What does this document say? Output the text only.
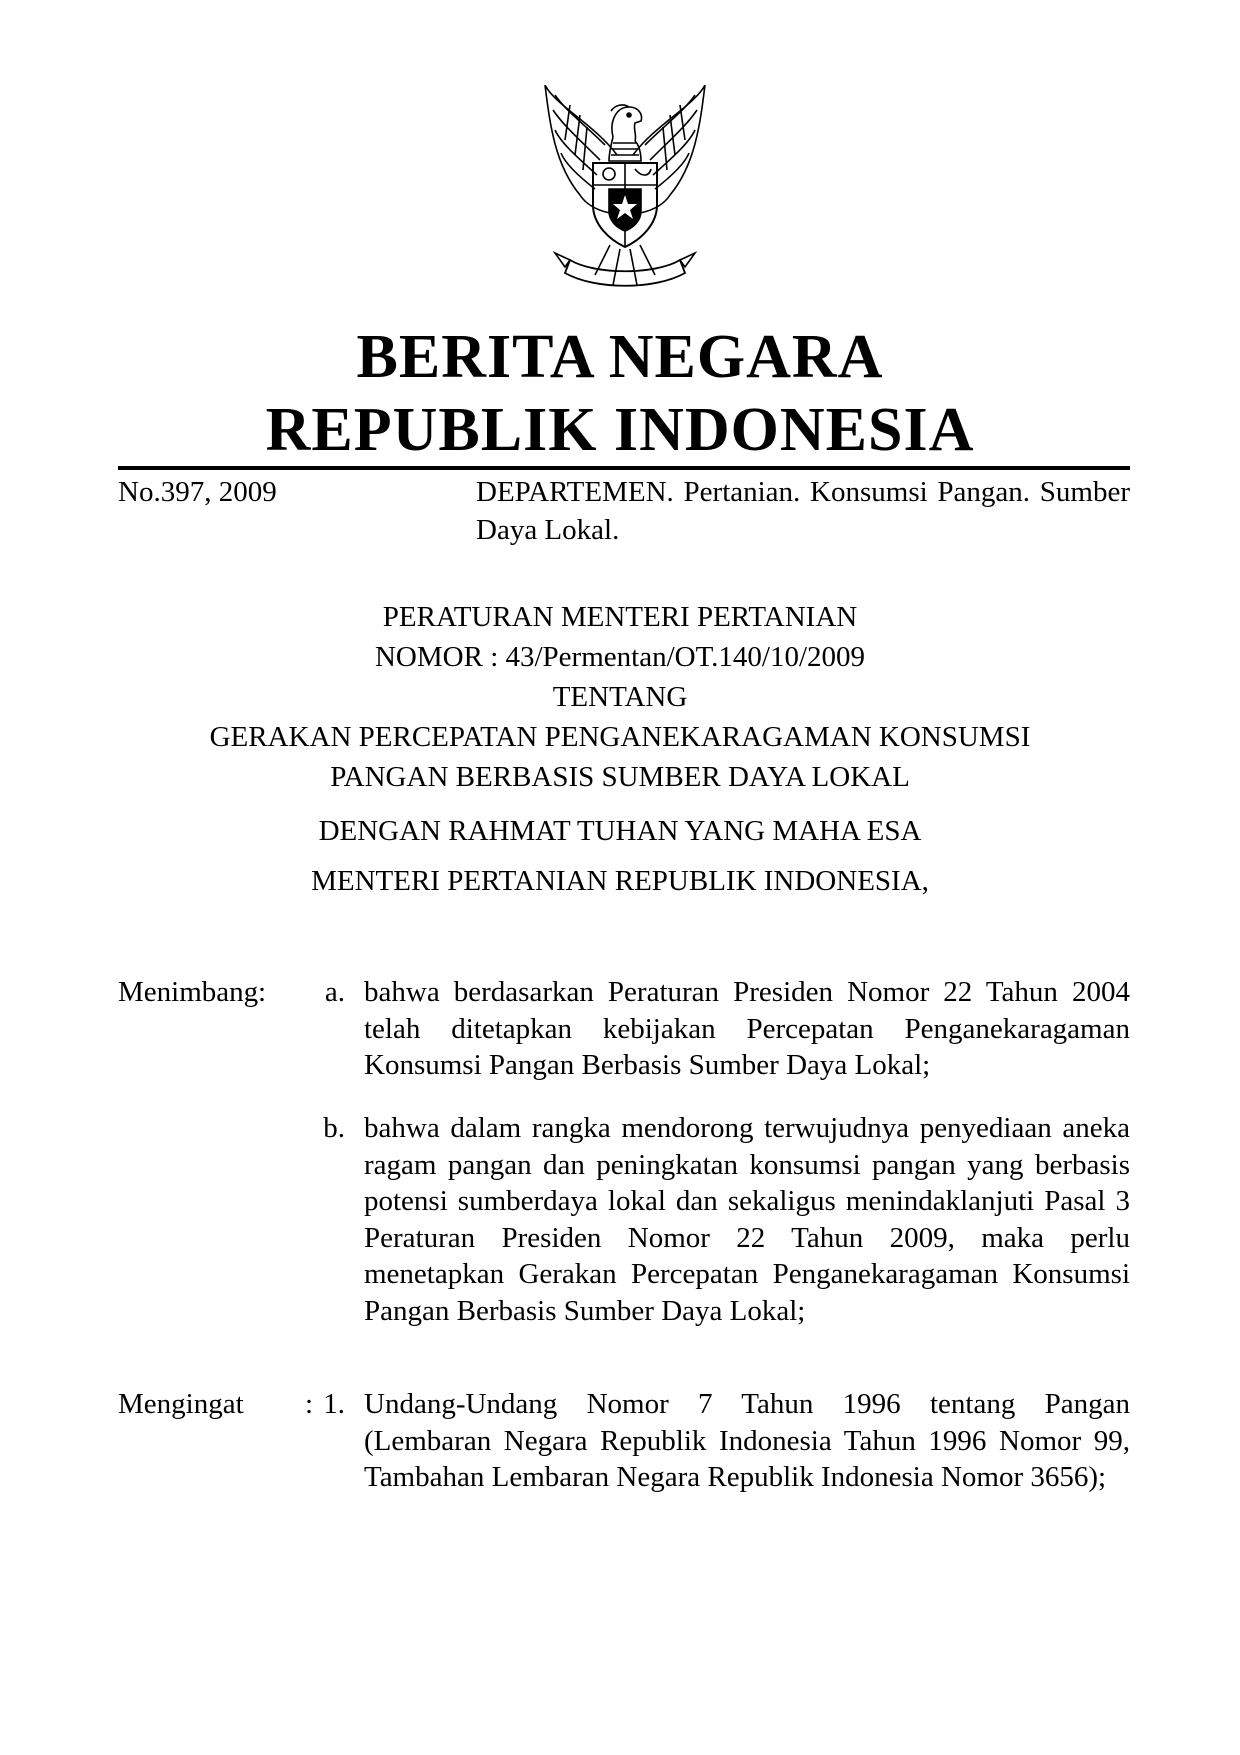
BERITA NEGARA
REPUBLIK INDONESIA
No.397, 2009	DEPARTEMEN. Pertanian. Konsumsi Pangan. Sumber Daya Lokal.
PERATURAN MENTERI PERTANIAN
NOMOR : 43/Permentan/OT.140/10/2009
TENTANG
GERAKAN PERCEPATAN PENGANEKARAGAMAN KONSUMSI
PANGAN BERBASIS SUMBER DAYA LOKAL
DENGAN RAHMAT TUHAN YANG MAHA ESA
MENTERI PERTANIAN REPUBLIK INDONESIA,
Menimbang :	a. bahwa berdasarkan Peraturan Presiden Nomor 22 Tahun 2004 telah ditetapkan kebijakan Percepatan Penganekaragaman Konsumsi Pangan Berbasis Sumber Daya Lokal;
b. bahwa dalam rangka mendorong terwujudnya penyediaan aneka ragam pangan dan peningkatan konsumsi pangan yang berbasis potensi sumberdaya lokal dan sekaligus menindaklanjuti Pasal 3 Peraturan Presiden Nomor 22 Tahun 2009, maka perlu menetapkan Gerakan Percepatan Penganekaragaman Konsumsi Pangan Berbasis Sumber Daya Lokal;
Mengingat : 1. Undang-Undang Nomor 7 Tahun 1996 tentang Pangan (Lembaran Negara Republik Indonesia Tahun 1996 Nomor 99, Tambahan Lembaran Negara Republik Indonesia Nomor 3656);
